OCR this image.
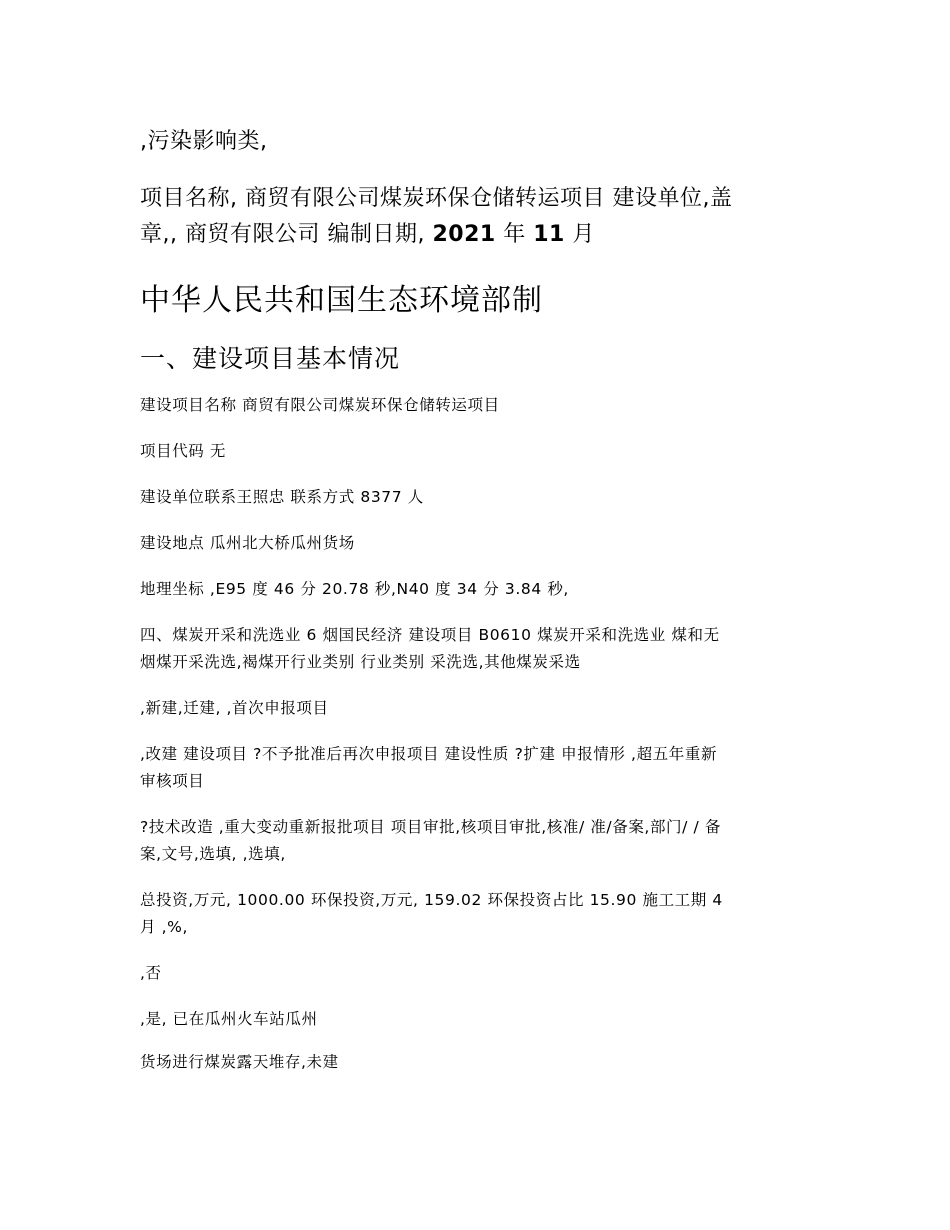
,污染影响类,
项目名称, 商贸有限公司煤炭环保仓储转运项目 建设单位,盖
章,, 商贸有限公司 编制日期, 2021 年 11 月
中华人民共和国生态环境部制
一、建设项目基本情况
建设项目名称 商贸有限公司煤炭环保仓储转运项目
项目代码 无
建设单位联系王照忠 联系方式 8377 人
建设地点 瓜州北大桥瓜州货场
地理坐标 ,E95 度 46 分 20.78 秒,N40 度 34 分 3.84 秒,
四、煤炭开采和洗选业 6 烟国民经济 建设项目 B0610 煤炭开采和洗选业 煤和无
烟煤开采洗选,褐煤开行业类别 行业类别 采洗选,其他煤炭采选
,新建,迁建, ,首次申报项目
,改建 建设项目 ?不予批准后再次申报项目 建设性质 ?扩建 申报情形 ,超五年重新
审核项目
?技术改造 ,重大变动重新报批项目 项目审批,核项目审批,核准/ 准/备案,部门/ / 备
案,文号,选填, ,选填,
总投资,万元, 1000.00 环保投资,万元, 159.02 环保投资占比 15.90 施工工期 4
月 ,%,
,否
,是, 已在瓜州火车站瓜州
货场进行煤炭露天堆存,未建
